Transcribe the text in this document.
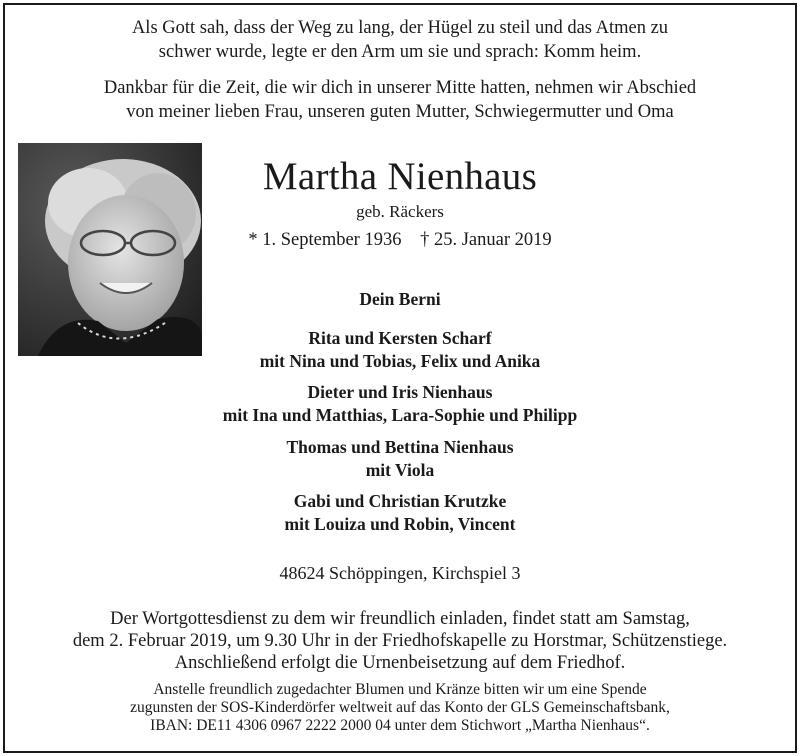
Als Gott sah, dass der Weg zu lang, der Hügel zu steil und das Atmen zu
schwer wurde, legte er den Arm um sie und sprach: Komm heim.
Dankbar für die Zeit, die wir dich in unserer Mitte hatten, nehmen wir Abschied
von meiner lieben Frau, unseren guten Mutter, Schwiegermutter und Oma
Martha Nienhaus
geb. Räckers
* 1. September 1936 † 25. Januar 2019
Dein Berni
Rita und Kersten Scharf
mit Nina und Tobias, Felix und Anika
Dieter und Iris Nienhaus
mit Ina und Matthias, Lara-Sophie und Philipp
Thomas und Bettina Nienhaus
mit Viola
Gabi und Christian Krutzke
mit Louiza und Robin, Vincent
48624 Schöppingen, Kirchspiel 3
Der Wortgottesdienst zu dem wir freundlich einladen, findet statt am Samstag,
dem 2. Februar 2019, um 9.30 Uhr in der Friedhofskapelle zu Horstmar, Schützenstiege.
Anschließend erfolgt die Urnenbeisetzung auf dem Friedhof.
Anstelle freundlich zugedachter Blumen und Kränze bitten wir um eine Spende
zugunsten der SOS-Kinderdörfer weltweit auf das Konto der GLS Gemeinschaftsbank,
IBAN: DE11 4306 0967 2222 2000 04 unter dem Stichwort „Martha Nienhaus“.
